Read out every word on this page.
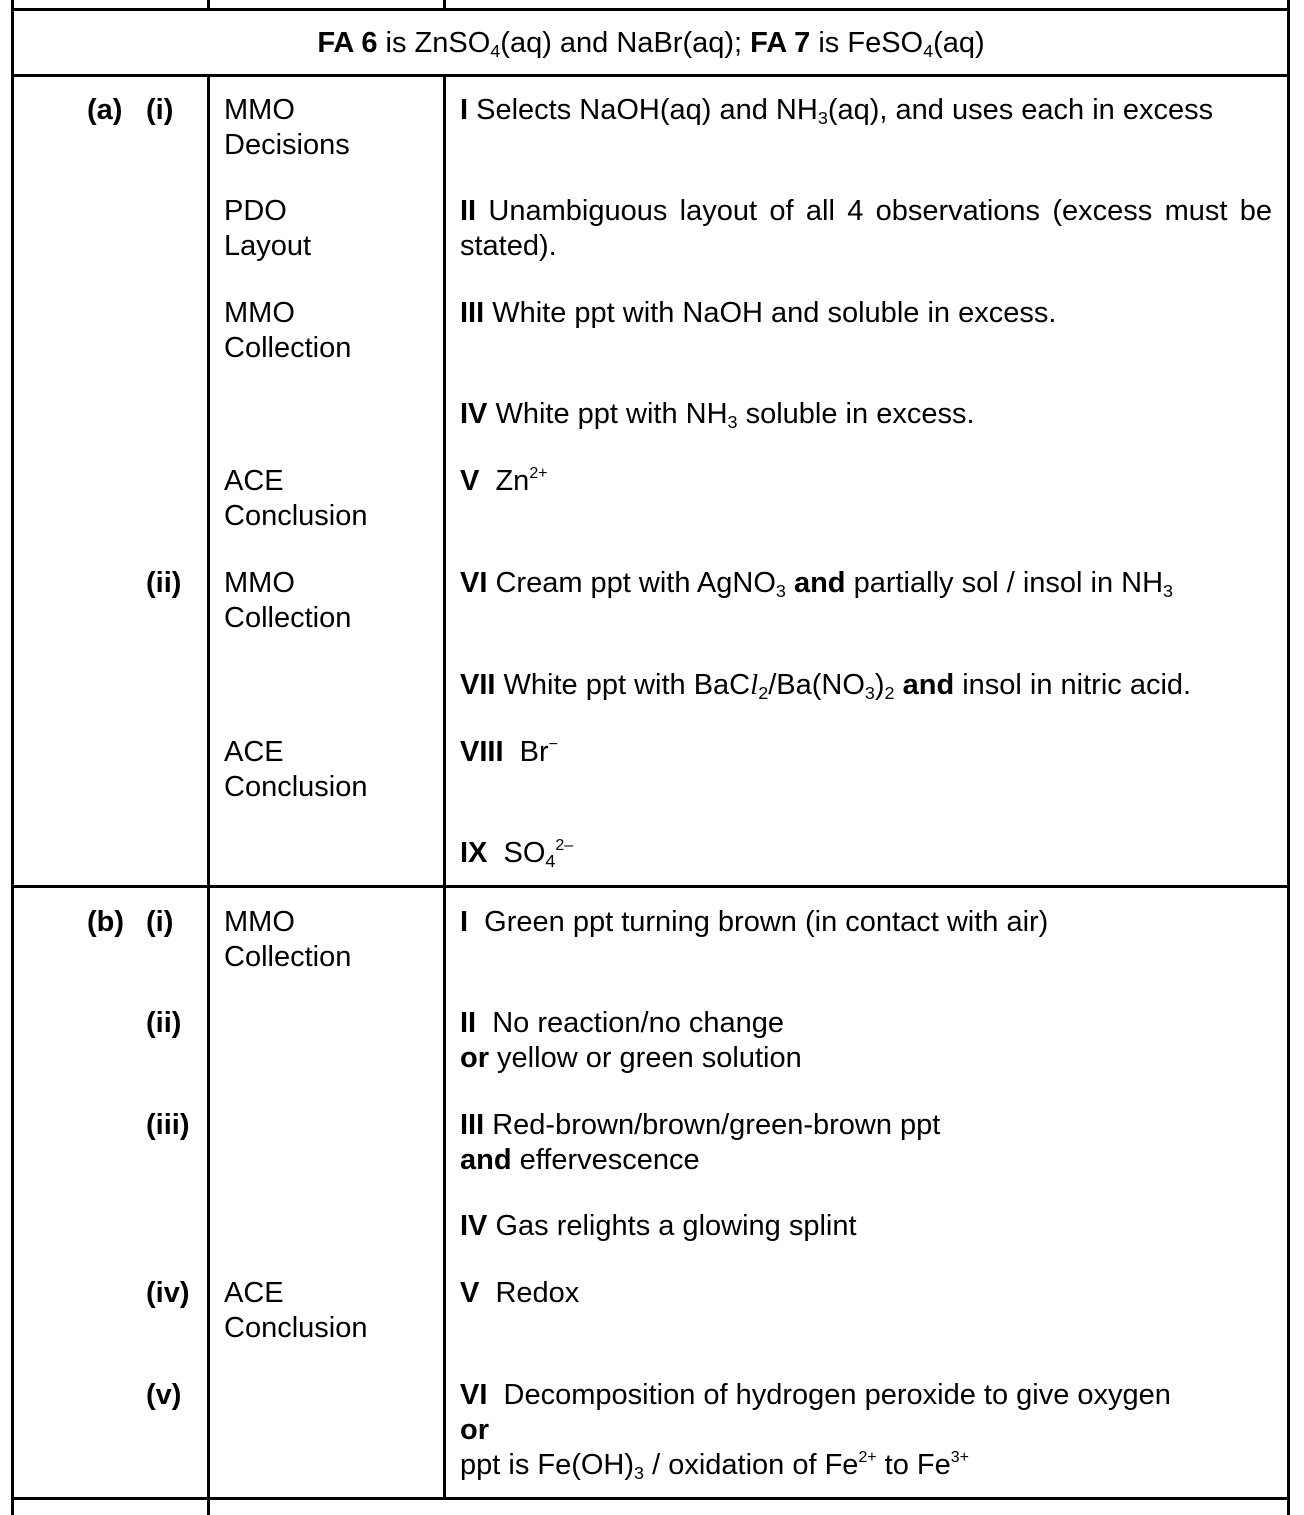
FA 6 is ZnSO$_4$(aq) and NaBr(aq); FA 7 is FeSO$_4$(aq)
(a) (i)
(ii)
MMO
Decisions
PDO
Layout
MMO
Collection
ACE
Conclusion
MMO
Collection
ACE
Conclusion
I Selects NaOH(aq) and $NH_3(aq)$, and uses each in excess
II Unambiguous layout of all 4 observations (excess must be stated).
III White ppt with NaOH and soluble in excess.
IV White ppt with $NH_3$ soluble in excess.
V  $Zn^{2+}$
VI Cream ppt with AgNO$_3$ and partially sol / insol in $NH_3$
VII White ppt with $BaCl_2/Ba(NO_3)_2$ and insol in nitric acid.
VIII  Br−
IX  $SO_4^{2-}$
(b) (i)
(ii)
(iii)
(iv)
(v)
MMO
Collection
ACE
Conclusion
I  Green ppt turning brown (in contact with air)
II  No reaction/no change
or yellow or green solution
III Red-brown/brown/green-brown ppt
and effervescence
IV Gas relights a glowing splint
V  Redox
VI  Decomposition of hydrogen peroxide to give oxygen
or
ppt is $Fe(OH)_3$ / oxidation of $Fe^{2+}$ to $Fe^{3+}$
